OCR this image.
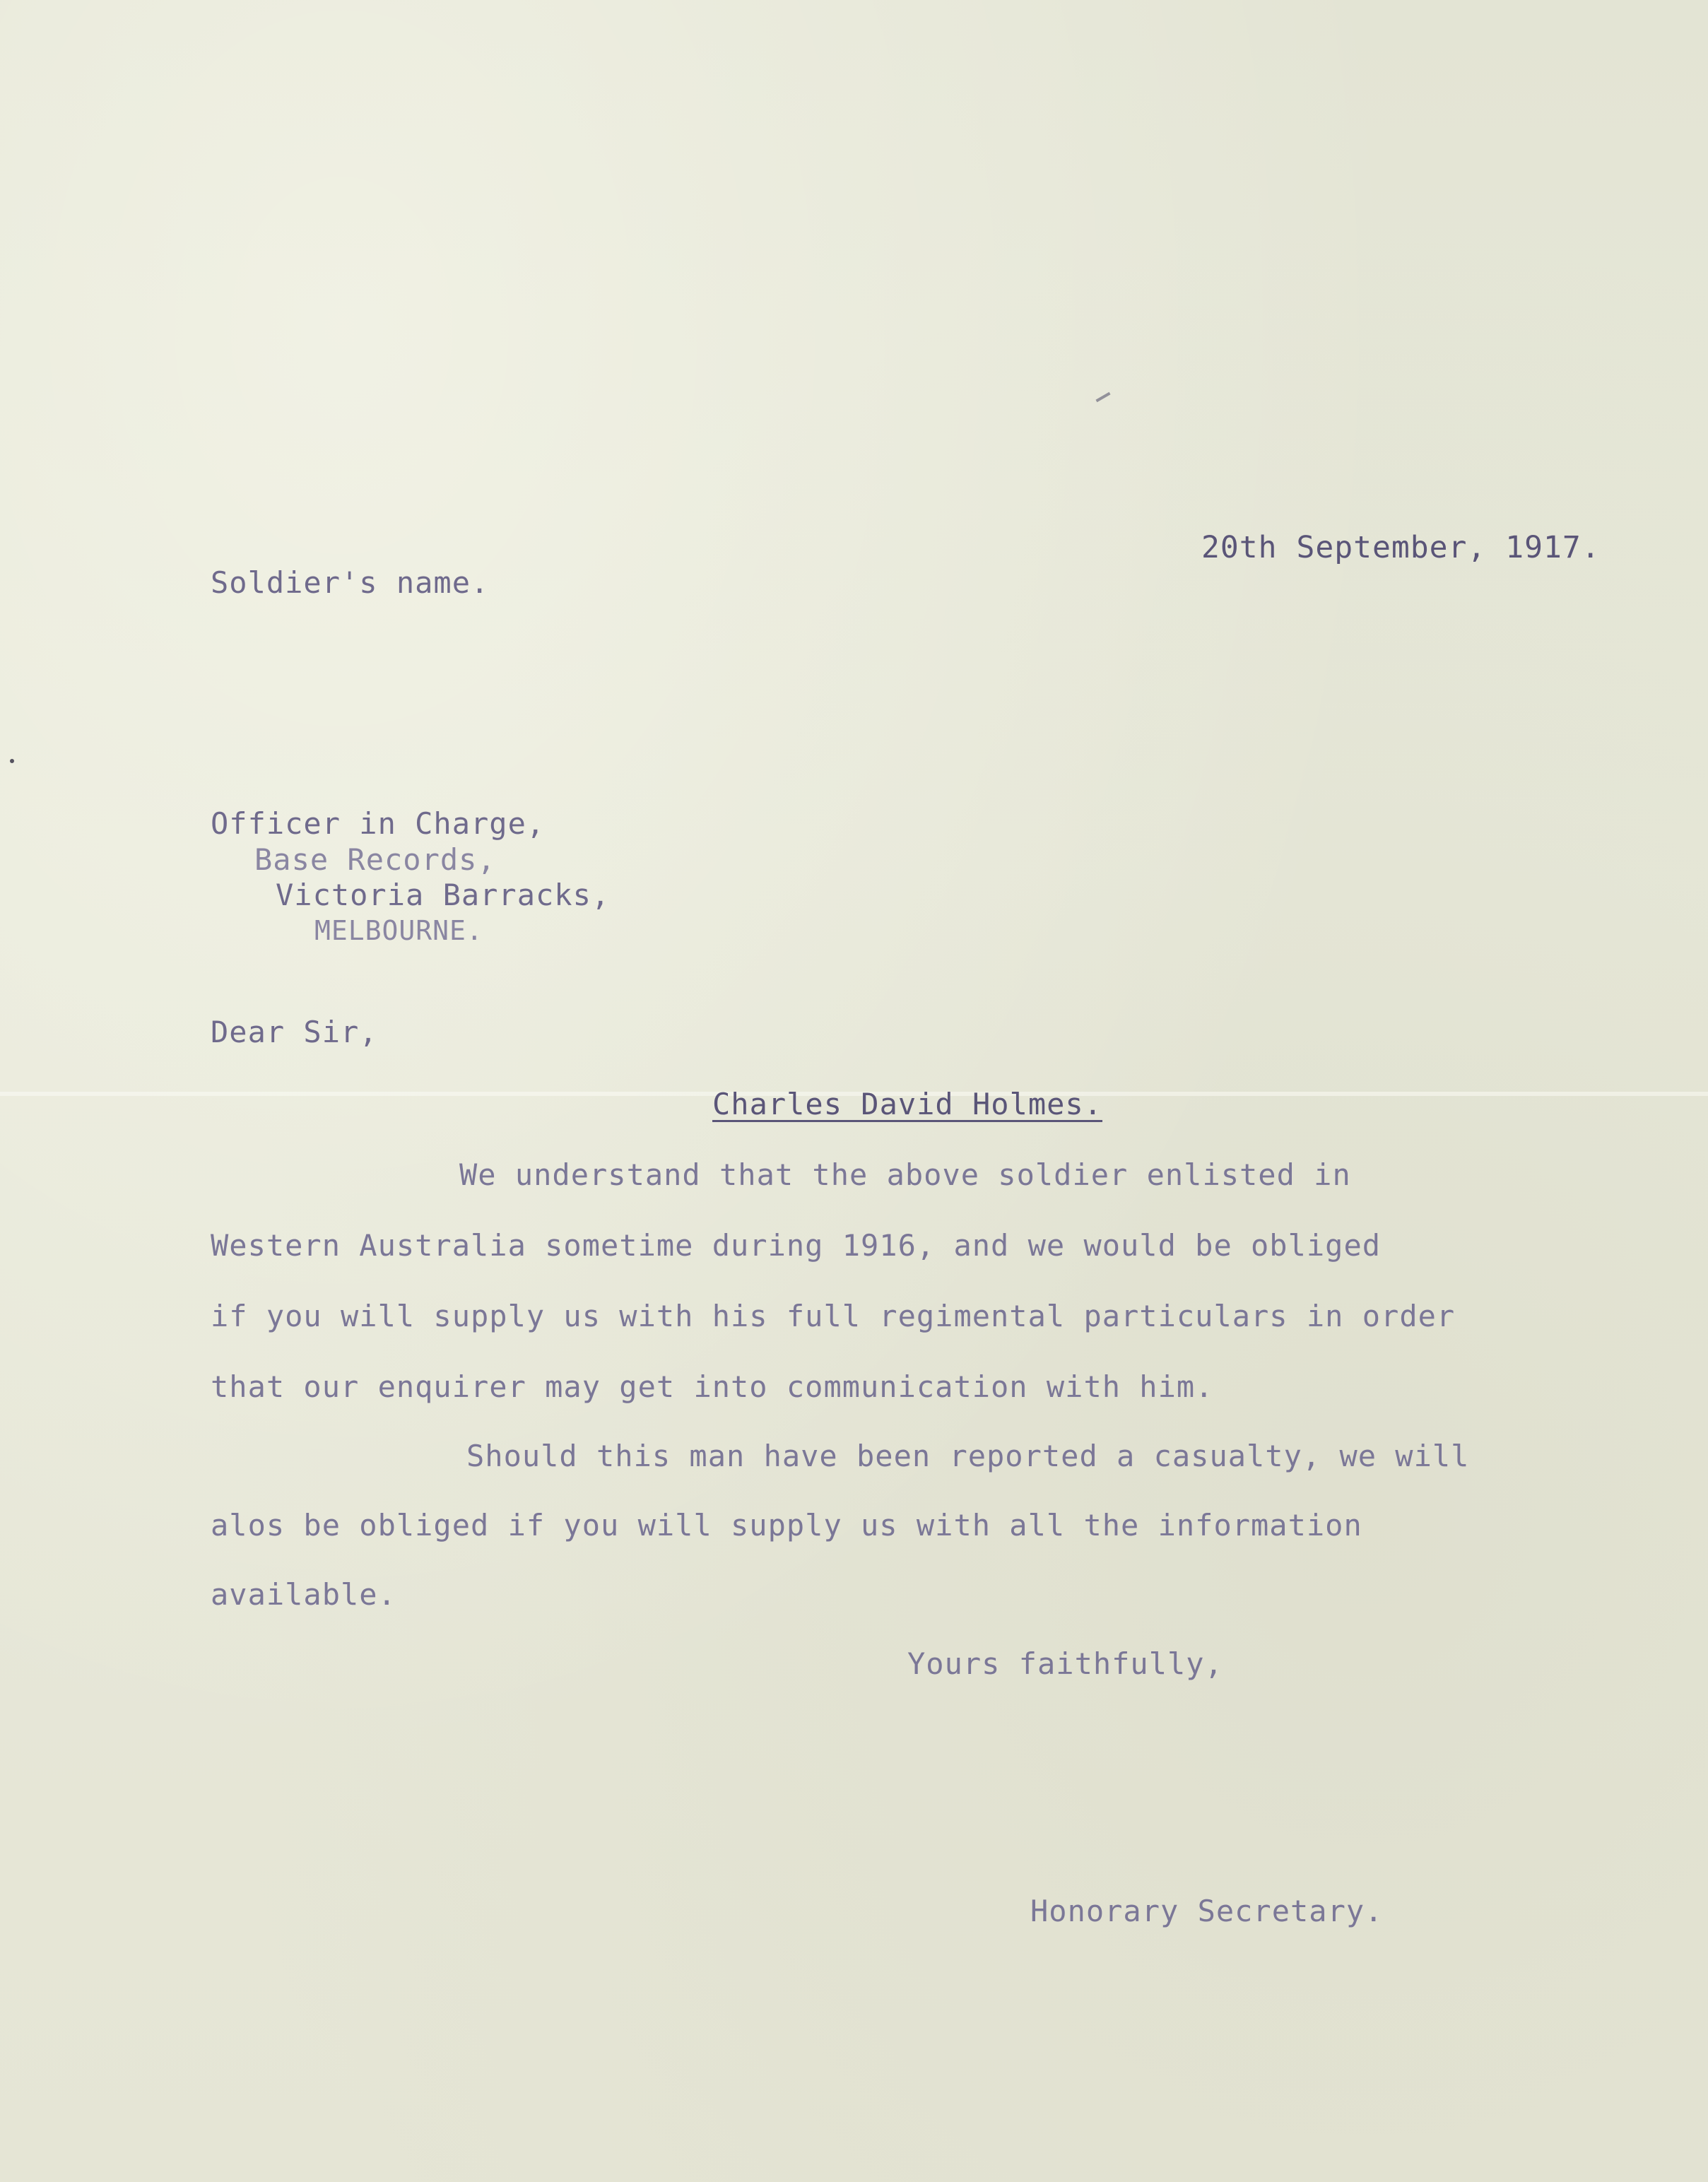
20th September, 1917.

Soldier's name.

Officer in Charge,

Base Records,

Victoria Barracks,

MELBOURNE.

Dear Sir,

Charles David Holmes.

We understand that the above soldier enlisted in

Western Australia sometime during 1916, and we would be obliged

if you will supply us with his full regimental particulars in order

that our enquirer may get into communication with him.

Should this man have been reported a casualty, we will

alos be obliged if you will supply us with all the information

available.

Yours faithfully,

Honorary Secretary.
